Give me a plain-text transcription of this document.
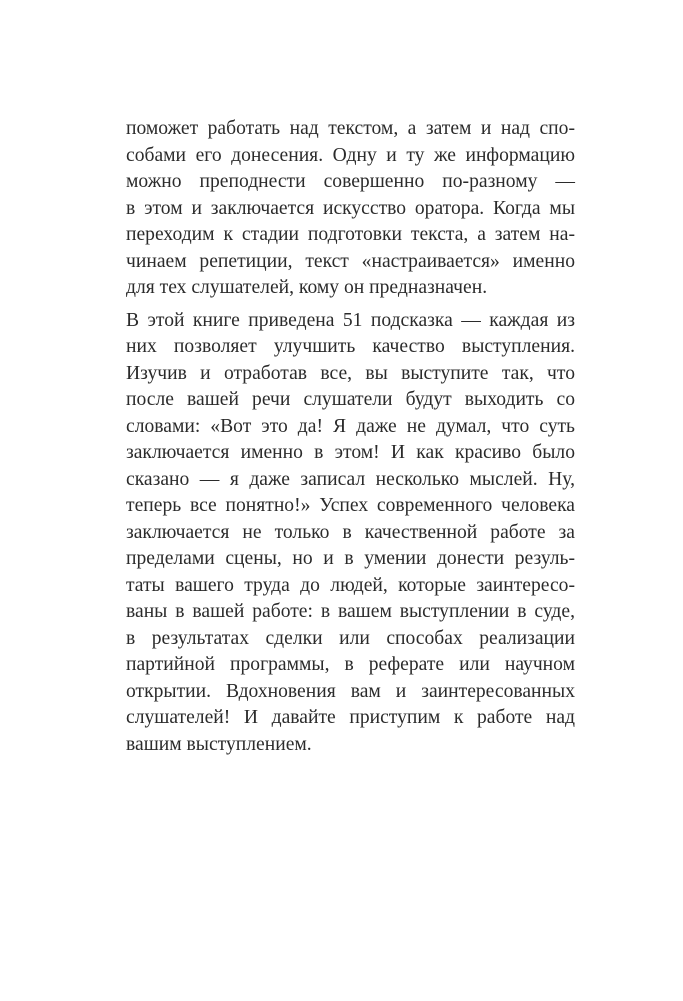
поможет работать над текстом, а затем и над спо-
собами его донесения. Одну и ту же информацию
можно преподнести совершенно по-разному —
в этом и заключается искусство оратора. Когда мы
переходим к стадии подготовки текста, а затем на-
чинаем репетиции, текст «настраивается» именно
для тех слушателей, кому он предназначен.

В этой книге приведена 51 подсказка — каждая из
них позволяет улучшить качество выступления.
Изучив и отработав все, вы выступите так, что
после вашей речи слушатели будут выходить со
словами: «Вот это да! Я даже не думал, что суть
заключается именно в этом! И как красиво было
сказано — я даже записал несколько мыслей. Ну,
теперь все понятно!» Успех современного человека
заключается не только в качественной работе за
пределами сцены, но и в умении донести резуль-
таты вашего труда до людей, которые заинтересо-
ваны в вашей работе: в вашем выступлении в суде,
в результатах сделки или способах реализации
партийной программы, в реферате или научном
открытии. Вдохновения вам и заинтересованных
слушателей! И давайте приступим к работе над
вашим выступлением.
